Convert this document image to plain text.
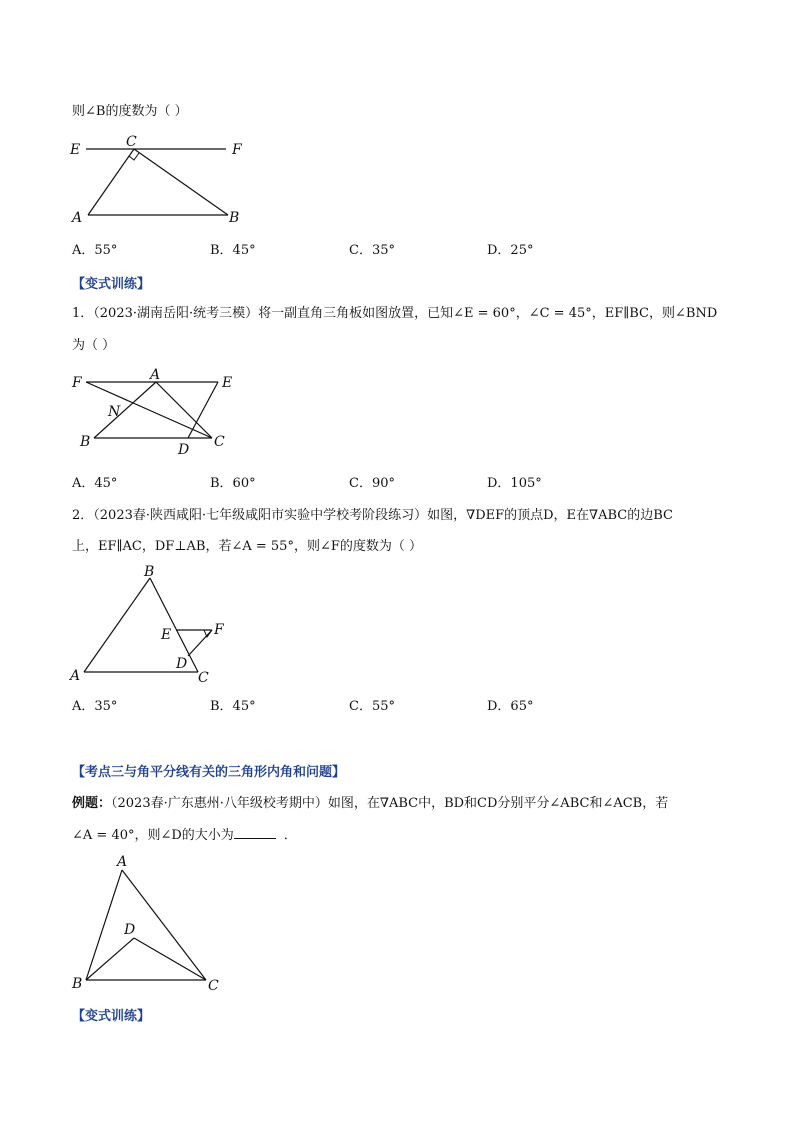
则∠B的度数为（ ）
E	C	F
A	B
A．55°	B．45°	C．35°	D．25°
【变式训练】
1．（2023·湖南岳阳·统考三模）将一副直角三角板如图放置，已知∠E = 60°，∠C = 45°，EF∥BC，则∠BND
为（ ）
F	A	E
N
B	D C
A．45°	B．60°	C．90°	D．105°
2．（2023春·陕西咸阳·七年级咸阳市实验中学校考阶段练习）如图，∇DEF的顶点D，E在∇ABC的边BC
上，EF∥AC，DF⊥AB，若∠A = 55°，则∠F的度数为（ ）
B
E	F
D
A	C
A．35°	B．45°	C．55°	D．65°
【考点三与角平分线有关的三角形内角和问题】
例题：（2023春·广东惠州·八年级校考期中）如图，在∇ABC中，BD和CD分别平分∠ABC和∠ACB，若
∠A = 40°，则∠D的大小为	．
A
D
B	C
【变式训练】
